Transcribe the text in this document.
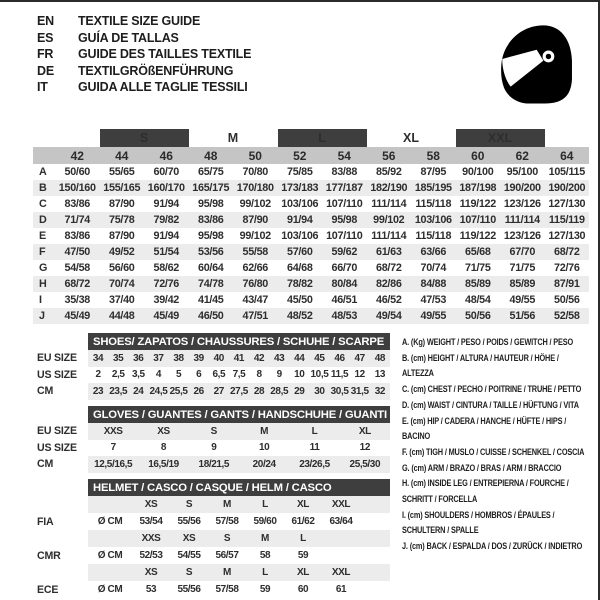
EN	TEXTILE SIZE GUIDE
ES	GUÍA DE TALLAS
FR	GUIDE DES TAILLES TEXTILE
DE	TEXTILGRÖßENFÜHRUNG
IT	GUIDA ALLE TAGLIE TESSILI
		S		M		L		XL		XXL		
	42	44	46	48	50	52	54	56	58	60	62	64
A	50/60	55/65	60/70	65/75	70/80	75/85	83/88	85/92	87/95	90/100	95/100	105/115
B	150/160	155/165	160/170	165/175	170/180	173/183	177/187	182/190	185/195	187/198	190/200	190/200
C	83/86	87/90	91/94	95/98	99/102	103/106	107/110	111/114	115/118	119/122	123/126	127/130
D	71/74	75/78	79/82	83/86	87/90	91/94	95/98	99/102	103/106	107/110	111/114	115/119
E	83/86	87/90	91/94	95/98	99/102	103/106	107/110	111/114	115/118	119/122	123/126	127/130
F	47/50	49/52	51/54	53/56	55/58	57/60	59/62	61/63	63/66	65/68	67/70	68/72
G	54/58	56/60	58/62	60/64	62/66	64/68	66/70	68/72	70/74	71/75	71/75	72/76
H	68/72	70/74	72/76	74/78	76/80	78/82	80/84	82/86	84/88	85/89	85/89	87/91
I	35/38	37/40	39/42	41/45	43/47	45/50	46/51	46/52	47/53	48/54	49/55	50/56
J	45/49	44/48	45/49	46/50	47/51	48/52	48/53	49/54	49/55	50/56	51/56	52/58
	SHOES/ ZAPATOS / CHAUSSURES / SCHUHE / SCARPE														
EU SIZE	34	35	36	37	38	39	40	41	42	43	44	45	46	47	48
US SIZE	2	2,5	3,5	4	5	6	6,5	7,5	8	9	10	10,5	11,5	12	13
CM	23	23,5	24	24,5	25,5	26	27	27,5	28	28,5	29	30	30,5	31,5	32
	GLOVES / GUANTES / GANTS / HANDSCHUHE / GUANTI					
EU SIZE	XXS	XS	S	M	L	XL
US SIZE	7	8	9	10	11	12
CM	12,5/16,5	16,5/19	18/21,5	20/24	23/26,5	25,5/30
	HELMET / CASCO / CASQUE / HELM / CASCO							
		XS	S	M	L	XL	XXL	
FIA	Ø CM	53/54	55/56	57/58	59/60	61/62	63/64	
		XXS	XS	S	M	L		
CMR	Ø CM	52/53	54/55	56/57	58	59		
		XS	S	M	L	XL	XXL	
ECE	Ø CM	53	55/56	57/58	59	60	61	
A. (Kg) WEIGHT / PESO / POIDS / GEWITCH / PESO
B. (cm) HEIGHT / ALTURA / HAUTEUR / HÖHE / ALTEZZA
C. (cm) CHEST / PECHO / POITRINE / TRUHE / PETTO
D. (cm) WAIST / CINTURA / TAILLE / HÜFTUNG / VITA
E. (cm) HIP / CADERA / HANCHE / HÜFTE / HIPS / BACINO
F. (cm) TIGH / MUSLO / CUISSE / SCHENKEL / COSCIA
G. (cm) ARM / BRAZO / BRAS / ARM / BRACCIO
H. (cm) INSIDE LEG / ENTREPIERNA / FOURCHE / SCHRITT / FORCELLA
I. (cm) SHOULDERS / HOMBROS / ÉPAULES / SCHULTERN / SPALLE
J. (cm) BACK / ESPALDA / DOS / ZURÜCK / INDIETRO
